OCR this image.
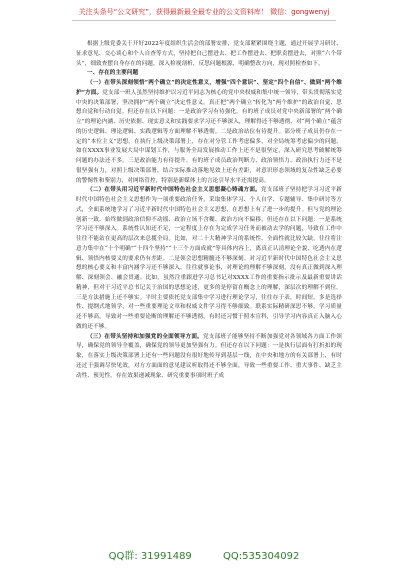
关注头条号“公文研究”，获得最新最全最专业的公文资料库！ 微信：gongwenyj

根据上级党委关于开好2022年度组织生活会的部署安排，党支部紧紧围绕主题，通过开展学习研讨、征求意见、交心谈心和个人自查等方式，坚持把自己摆进去、把工作摆进去、把职责摆进去，对照“六个带头”，细致查摆自身存在的问题，深入检视剖析，反思问题根源，明确整改方向，现对照检查如下。

一、存在的主要问题

（一）在带头深刻领悟“两个确立”的决定性意义，增强“四个意识”、坚定“四个自信”、做到“两个维护”方面。党支部一班人虽然坚持维护以习近平同志为核心的党中央权威和集中统一领导，带头贯彻落实党中央的决策部署，坚决拥护“两个确立”决定性意义，真正把“两个确立”转化为“两个维护”的政治自觉、思想自觉和行动自觉。但还存在以下问题：一是政治学习有待强化。有的班子成员对党中央新部署的“两个确立”的理论内涵、历史依据、现实意义和实践要求学习还不够深入，理解得还不够透彻，对“两个确立”蕴含的历史逻辑、理论逻辑、实践逻辑等方面理解不够透彻。二是政治站位有待提升。部分班子成员仍存在一定的“本位主义”思想，在执行上级决策部署上，存在对分管工作考虑偏多，对全局统筹考虑偏少的问题。如在XXXX事业发展大局中谋划工作，与服务全局发展推动工作上还不是很坚定，深入研究思考破解统筹问题的办法还不多。三是政治能力有待提升。有的班子成员政治判断力、政治领悟力、政治执行力还不是很坚强有力，对照上级决策部署，结合实际推动落地见效上还有差距，对意识形态领域的复杂性缺乏必要的警惕性和鉴别力，对网络管控，特别是新媒体上的言论引导水平还需提高。

（二）在带头用习近平新时代中国特色社会主义思想凝心铸魂方面。党支部班子坚持把学习习近平新时代中国特色社会主义思想作为一项重要政治任务，采取集体学习、个人自学、专题辅导、集中研讨等方式，全面系统地学习了习近平新时代中国特色社会主义思想，在思想上有了进一步的提升。但与党的理论创新一致、始终做到政治信仰不动摇、政治立场不含糊、政治方向不偏移，但还存在以下问题：一是系统学习还不够深入。系统性认知还不足，一定程度上存在为完成学习任务而被动去学的问题，导致在工作中往往不能站在更高的层次来总揽全局。比如，对二十大精神学习的系统性、全面性就比较欠缺，往往将注意力集中在“十个明确”“十四个坚持”“十三个方面成就”等具体内容上，离真正认清理论全貌、吃透内在逻辑、领悟内核要义的要求仍有差距。二是领会思想精髓还不够深刻。对习近平新时代中国特色社会主义思想的核心要义和丰富内涵学习还不够深入，往往就事论事，对理论的理解不够深刻，没有真正做到深入理解、深刻领会、融会贯通。比如，虽然注重跟进学习总书记对XXXX工作的重要指示批示及最新重要讲话精神，但对于习近平总书记关于治国的思想论述，更多的是停留在概念上的理解，深层次的理解不到位。三是方法措施上还不够实。平时主要依托党支部集中学习进行理论学习，往往存于表，时间短，多是选择性、提纲式地领学，对一些重要理论文章和权威文件学习得不够细致。联系实际精研深思不够，学习质量还不够高，导致对一些重要论断的理解还不够透彻。有时还习惯于照本宣科，引导学习内容真正入脑入心做的还不够。

（三）在带头坚持和加强党的全面领导方面。党支部班子能够坚持不断加强党对各领域各方面工作领导，确保党的领导全覆盖，确保党的领导更加坚强有力。但还存在以下问题：一是执行层面有打折扣的现象，在落实上级决策部署上还有一些问题没有很好地传导到基层一线，在中央和地方的有关部署上，有时还过于强调尽快见效，对方方面面的意见建议听取得还不够全面，导致一些重要工作、重大事件、缺乏主动性、预见性，存在效果递减现象、研究重要事项时班子成

QQ群: 31991489	QQ:535304092
